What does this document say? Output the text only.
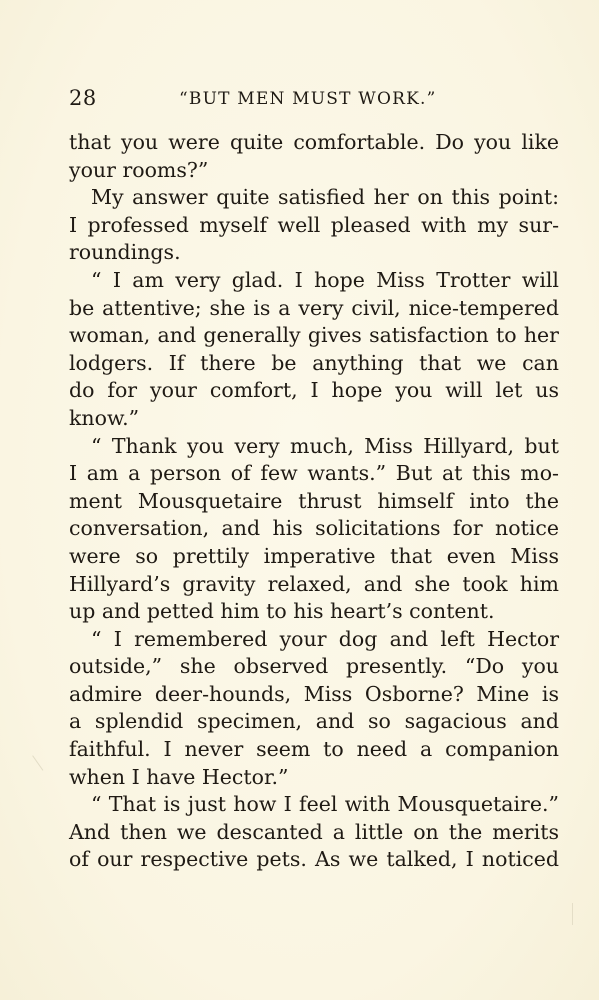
28	“BUT MEN MUST WORK.”
that you were quite comfortable. Do you like
your rooms?”
My answer quite satisfied her on this point:
I professed myself well pleased with my sur-
roundings.
“ I am very glad. I hope Miss Trotter will
be attentive; she is a very civil, nice-tempered
woman, and generally gives satisfaction to her
lodgers. If there be anything that we can
do for your comfort, I hope you will let us
know.”
“ Thank you very much, Miss Hillyard, but
I am a person of few wants.” But at this mo-
ment Mousquetaire thrust himself into the
conversation, and his solicitations for notice
were so prettily imperative that even Miss
Hillyard’s gravity relaxed, and she took him
up and petted him to his heart’s content.
“ I remembered your dog and left Hector
outside,” she observed presently. “Do you
admire deer-hounds, Miss Osborne? Mine is
a splendid specimen, and so sagacious and
faithful. I never seem to need a companion
when I have Hector.”
“ That is just how I feel with Mousquetaire.”
And then we descanted a little on the merits
of our respective pets. As we talked, I noticed
